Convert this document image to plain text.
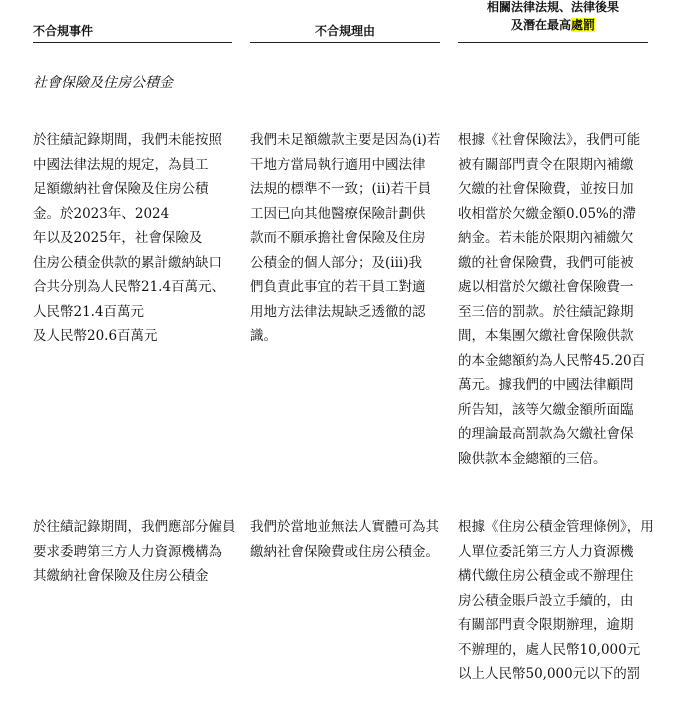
不合規事件	不合規理由
相關法律法規、法律後果
及潛在最高處罰
社會保險及住房公積金

於往績記錄期間，我們未能按照
中國法律法規的規定，為員工
足額繳納社會保險及住房公積
金。於2023年、2024
年以及2025年，社會保險及
住房公積金供款的累計繳納缺口
合共分別為人民幣21.4百萬元、
人民幣21.4百萬元
及人民幣20.6百萬元

我們未足額繳款主要是因為(i)若
干地方當局執行適用中國法律
法規的標準不一致；(ii)若干員
工因已向其他醫療保險計劃供
款而不願承擔社會保險及住房
公積金的個人部分；及(iii)我
們負責此事宜的若干員工對適
用地方法律法規缺乏透徹的認
識。

根據《社會保險法》，我們可能
被有關部門責令在限期內補繳
欠繳的社會保險費，並按日加
收相當於欠繳金額0.05%的滯
納金。若未能於限期內補繳欠
繳的社會保險費，我們可能被
處以相當於欠繳社會保險費一
至三倍的罰款。於往績記錄期
間，本集團欠繳社會保險供款
的本金總額約為人民幣45.20百
萬元。據我們的中國法律顧問
所告知，該等欠繳金額所面臨
的理論最高罰款為欠繳社會保
險供款本金總額的三倍。

於往績記錄期間，我們應部分僱員
要求委聘第三方人力資源機構為
其繳納社會保險及住房公積金

我們於當地並無法人實體可為其
繳納社會保險費或住房公積金。

根據《住房公積金管理條例》，用
人單位委託第三方人力資源機
構代繳住房公積金或不辦理住
房公積金賬戶設立手續的，由
有關部門責令限期辦理，逾期
不辦理的，處人民幣10,000元
以上人民幣50,000元以下的罰
